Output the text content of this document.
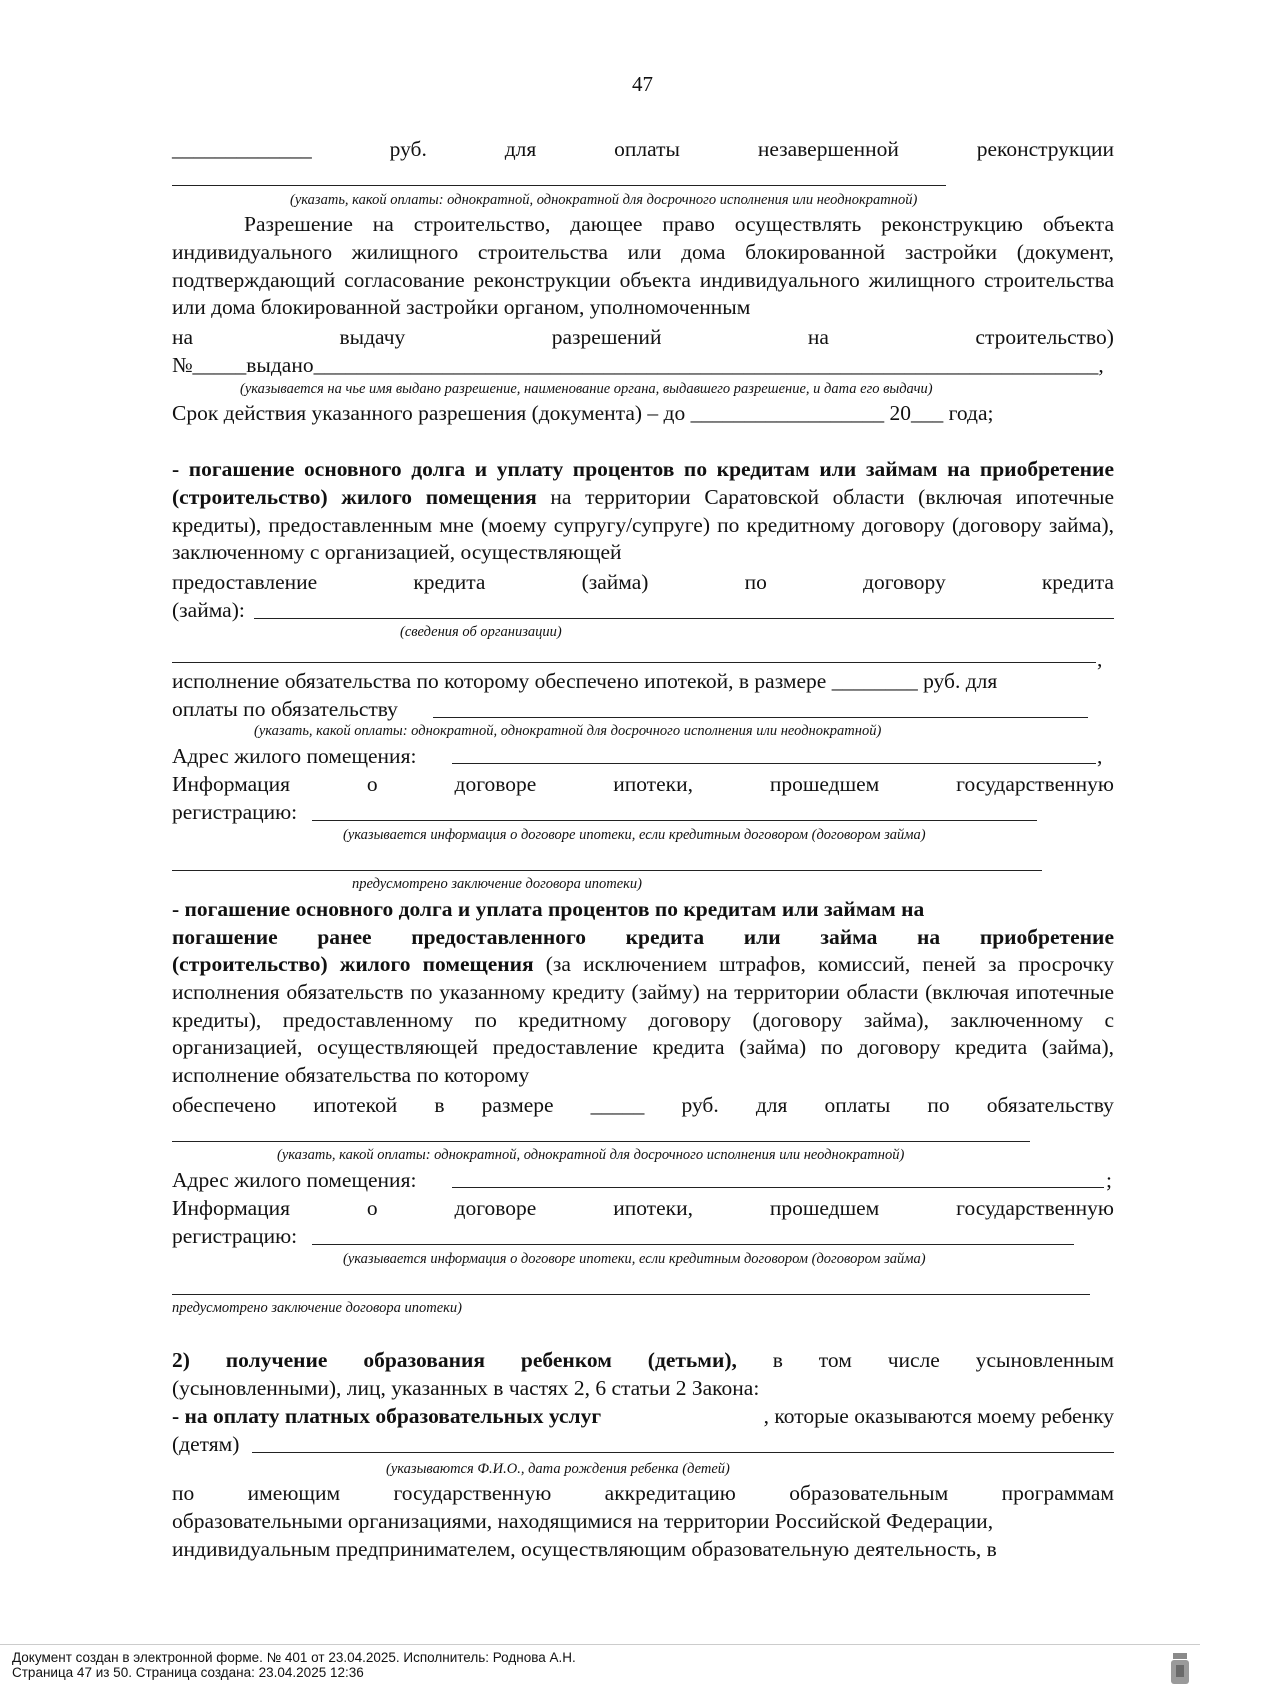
47
_____________	руб.	для	оплаты	незавершенной	реконструкции
(указать, какой оплаты: однократной, однократной для досрочного исполнения или неоднократной)
Разрешение на строительство, дающее право осуществлять реконструкцию объекта индивидуального жилищного строительства или дома блокированной застройки (документ, подтверждающий согласование реконструкции объекта индивидуального жилищного строительства или дома блокированной застройки органом, уполномоченным
на	выдачу	разрешений	на	строительство)
№_____выдано_________________________________________________________________________,
(указывается на чье имя выдано разрешение, наименование органа, выдавшего разрешение, и дата его выдачи)
Срок действия указанного разрешения (документа) – до __________________ 20___ года;
- погашение основного долга и уплату процентов по кредитам или займам на приобретение (строительство) жилого помещения на территории Саратовской области (включая ипотечные кредиты), предоставленным мне (моему супругу/супруге) по кредитному договору (договору займа), заключенному с организацией, осуществляющей
предоставление	кредита	(займа)	по	договору	кредита
(займа):
(сведения об организации)
,
исполнение обязательства по которому обеспечено ипотекой, в размере ________ руб. для
оплаты по обязательству
(указать, какой оплаты: однократной, однократной для досрочного исполнения или неоднократной)
Адрес жилого помещения:	,
Информация	о	договоре	ипотеки,	прошедшем	государственную
регистрацию:
(указывается информация о договоре ипотеки, если кредитным договором (договором займа)
предусмотрено заключение договора ипотеки)
- погашение основного долга и уплата процентов по кредитам или займам на
погашение ранее предоставленного кредита или займа на приобретение
(строительство) жилого помещения (за исключением штрафов, комиссий, пеней за просрочку исполнения обязательств по указанному кредиту (займу) на территории области (включая ипотечные кредиты), предоставленному по кредитному договору (договору займа), заключенному с организацией, осуществляющей предоставление кредита (займа) по договору кредита (займа), исполнение обязательства по которому
обеспечено ипотекой в размере _____ руб. для оплаты по обязательству
(указать, какой оплаты: однократной, однократной для досрочного исполнения или неоднократной)
Адрес жилого помещения:	;
Информация	о	договоре	ипотеки,	прошедшем	государственную
регистрацию:
(указывается информация о договоре ипотеки, если кредитным договором (договором займа)
предусмотрено заключение договора ипотеки)
2) получение образования ребенком (детьми), в том числе усыновленным
(усыновленными), лиц, указанных в частях 2, 6 статьи 2 Закона:
- на оплату платных образовательных услуг	, которые оказываются моему ребенку
(детям)
(указываются Ф.И.О., дата рождения ребенка (детей)
по имеющим государственную аккредитацию образовательным программам
образовательными организациями, находящимися на территории Российской Федерации,
индивидуальным предпринимателем, осуществляющим образовательную деятельность, в
Документ создан в электронной форме. № 401 от 23.04.2025. Исполнитель: Роднова А.Н.
Страница 47 из 50. Страница создана: 23.04.2025 12:36
